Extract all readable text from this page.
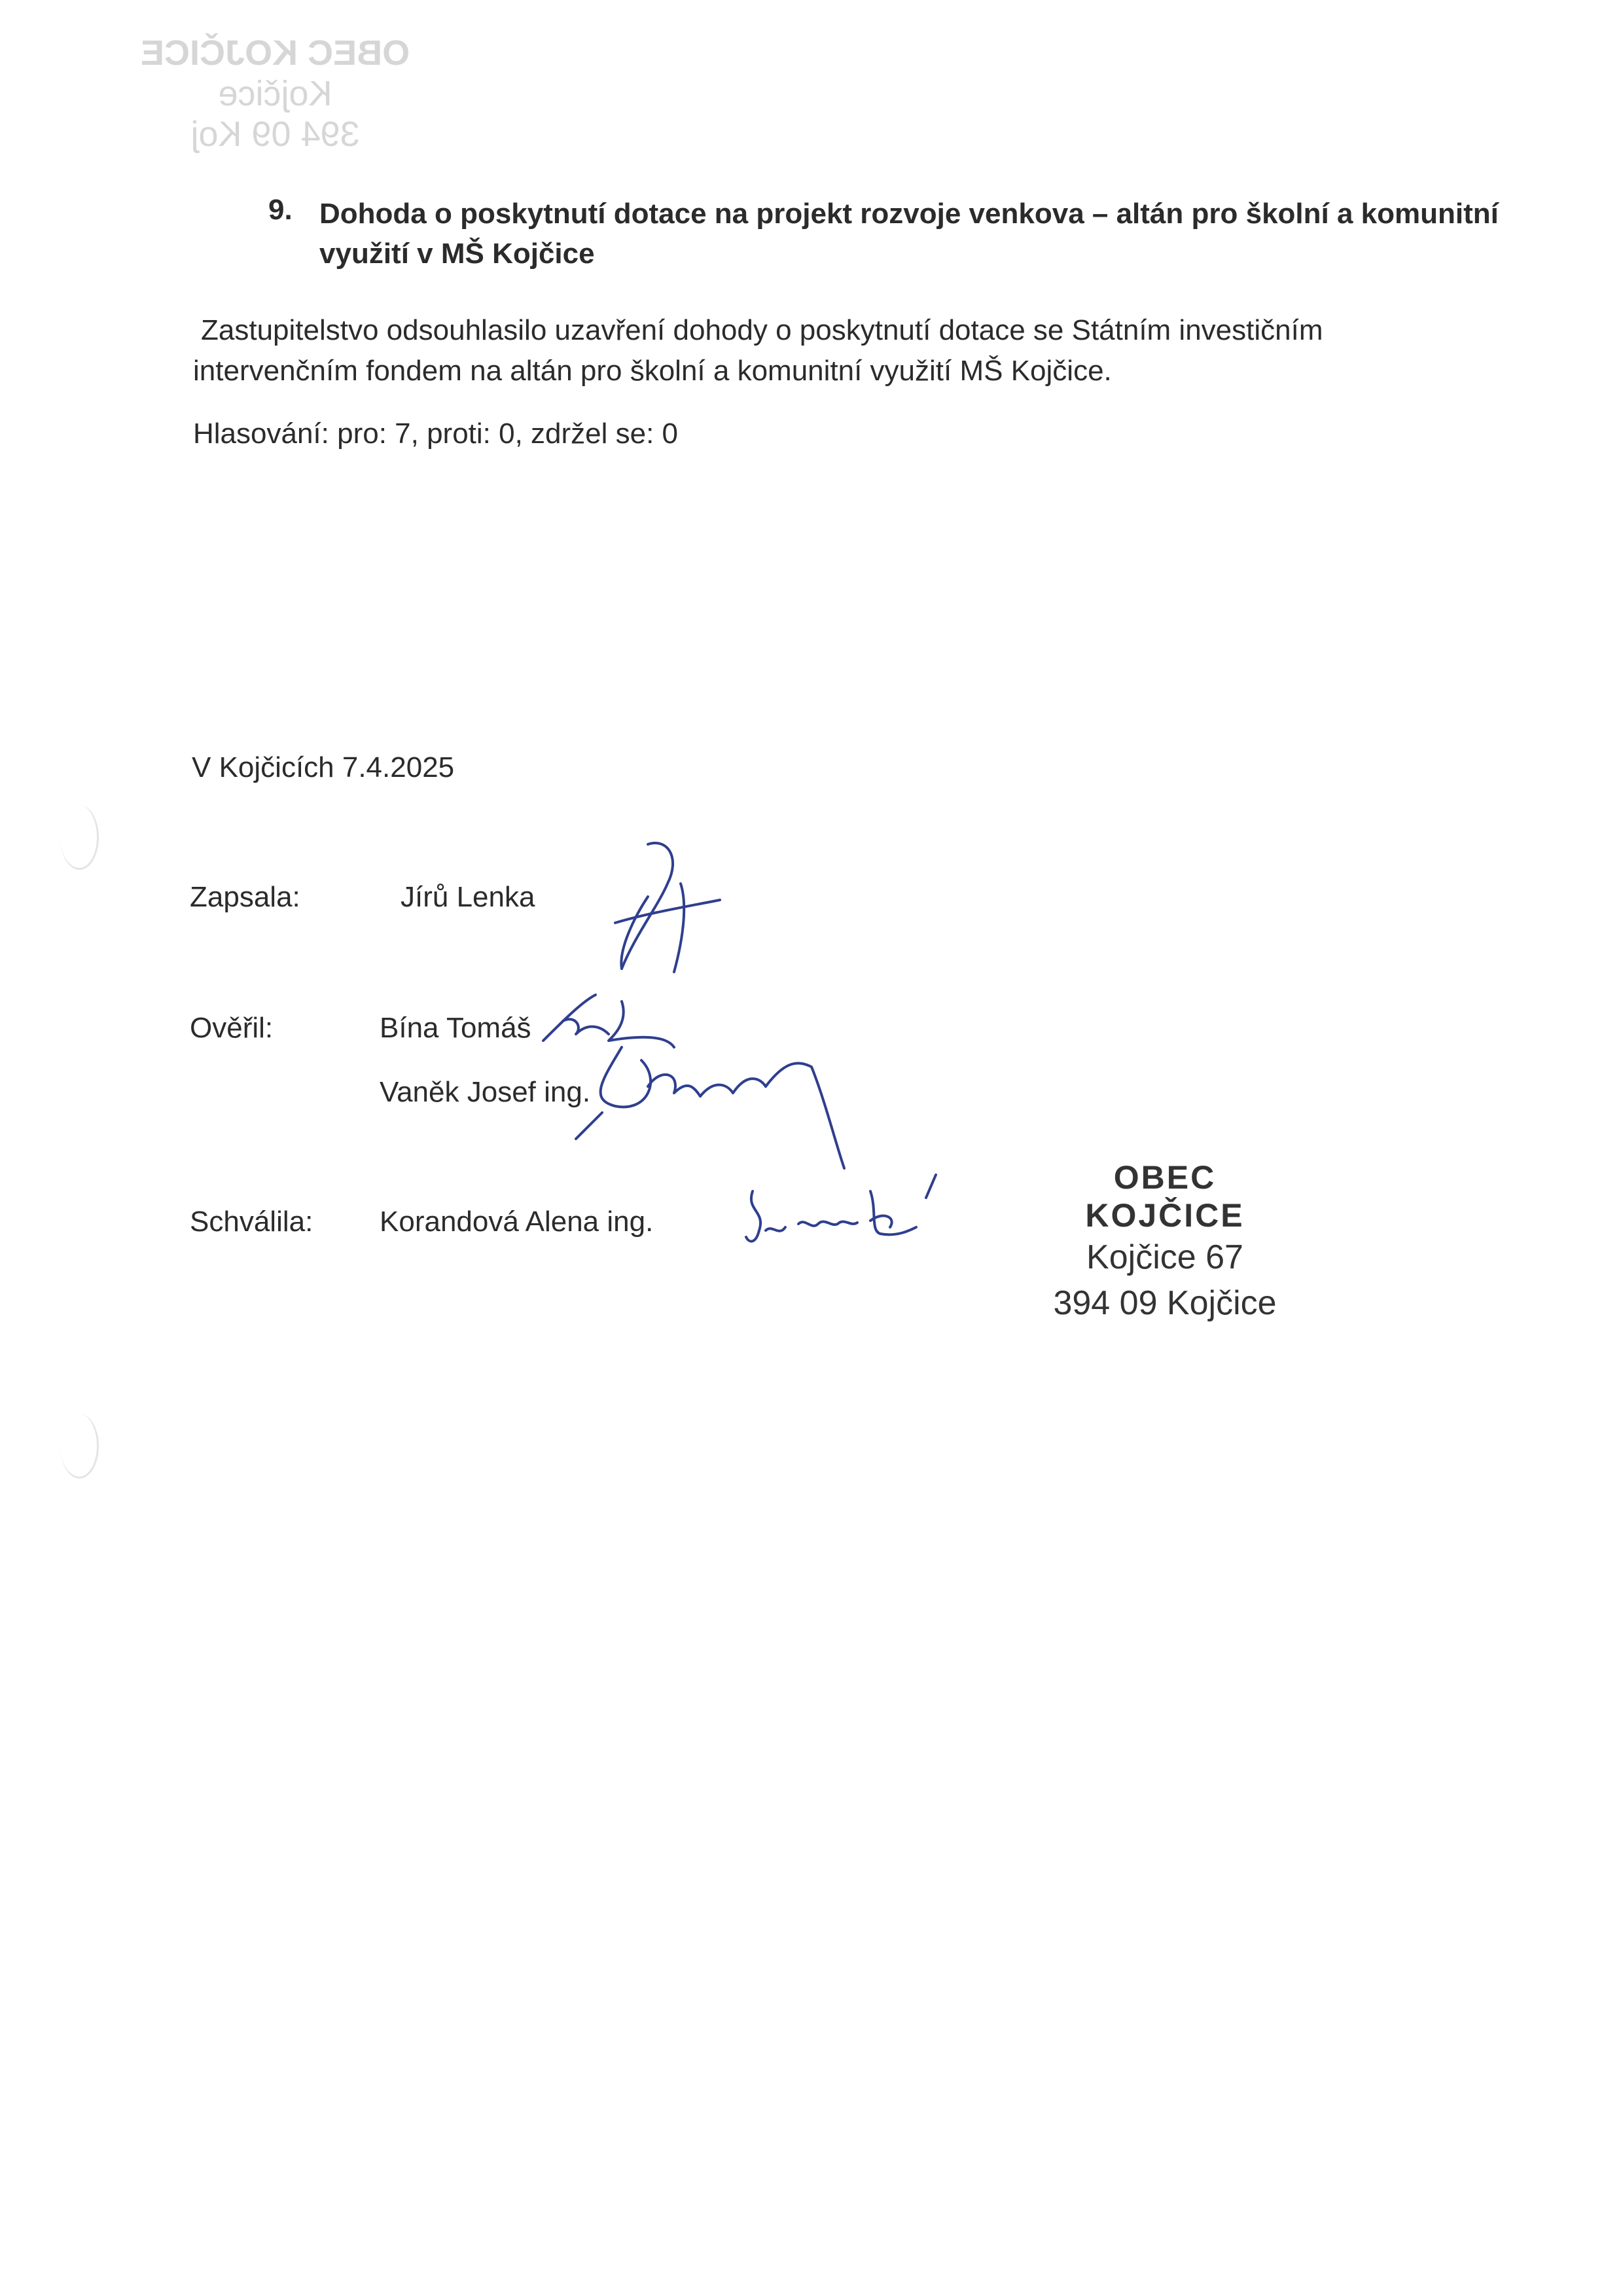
OBEC KOJČICE
Kojčice
394 09 Koj
9. Dohoda o poskytnutí dotace na projekt rozvoje venkova – altán pro školní a komunitní využití v MŠ Kojčice
Zastupitelstvo odsouhlasilo uzavření dohody o poskytnutí dotace se Státním investičním
intervenčním fondem na altán pro školní a komunitní využití MŠ Kojčice.
Hlasování: pro: 7, proti: 0, zdržel se: 0
V Kojčicích 7.4.2025
Zapsala:	Jírů Lenka
Ověřil:	Bína Tomáš
Vaněk Josef ing.
Schválila: Korandová Alena ing.
OBEC KOJČICE
Kojčice 67
394 09 Kojčice
